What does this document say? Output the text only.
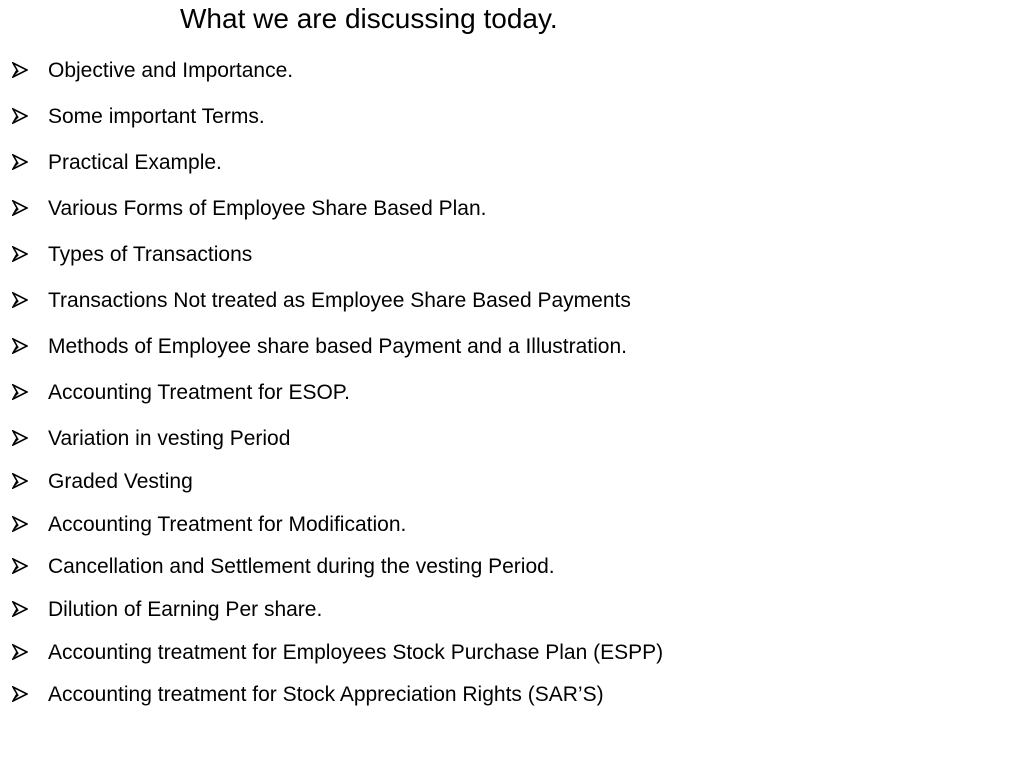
What we are discussing today.
Objective and Importance.
Some important Terms.
Practical Example.
Various Forms of Employee Share Based Plan.
Types of Transactions
Transactions Not treated as Employee Share Based Payments
Methods of Employee share based Payment and a Illustration.
Accounting Treatment for ESOP.
Variation in vesting Period
Graded Vesting
Accounting Treatment for Modification.
Cancellation and Settlement during the vesting Period.
Dilution of Earning Per share.
Accounting treatment for Employees Stock Purchase Plan (ESPP)
Accounting treatment for Stock Appreciation Rights (SAR’S)
